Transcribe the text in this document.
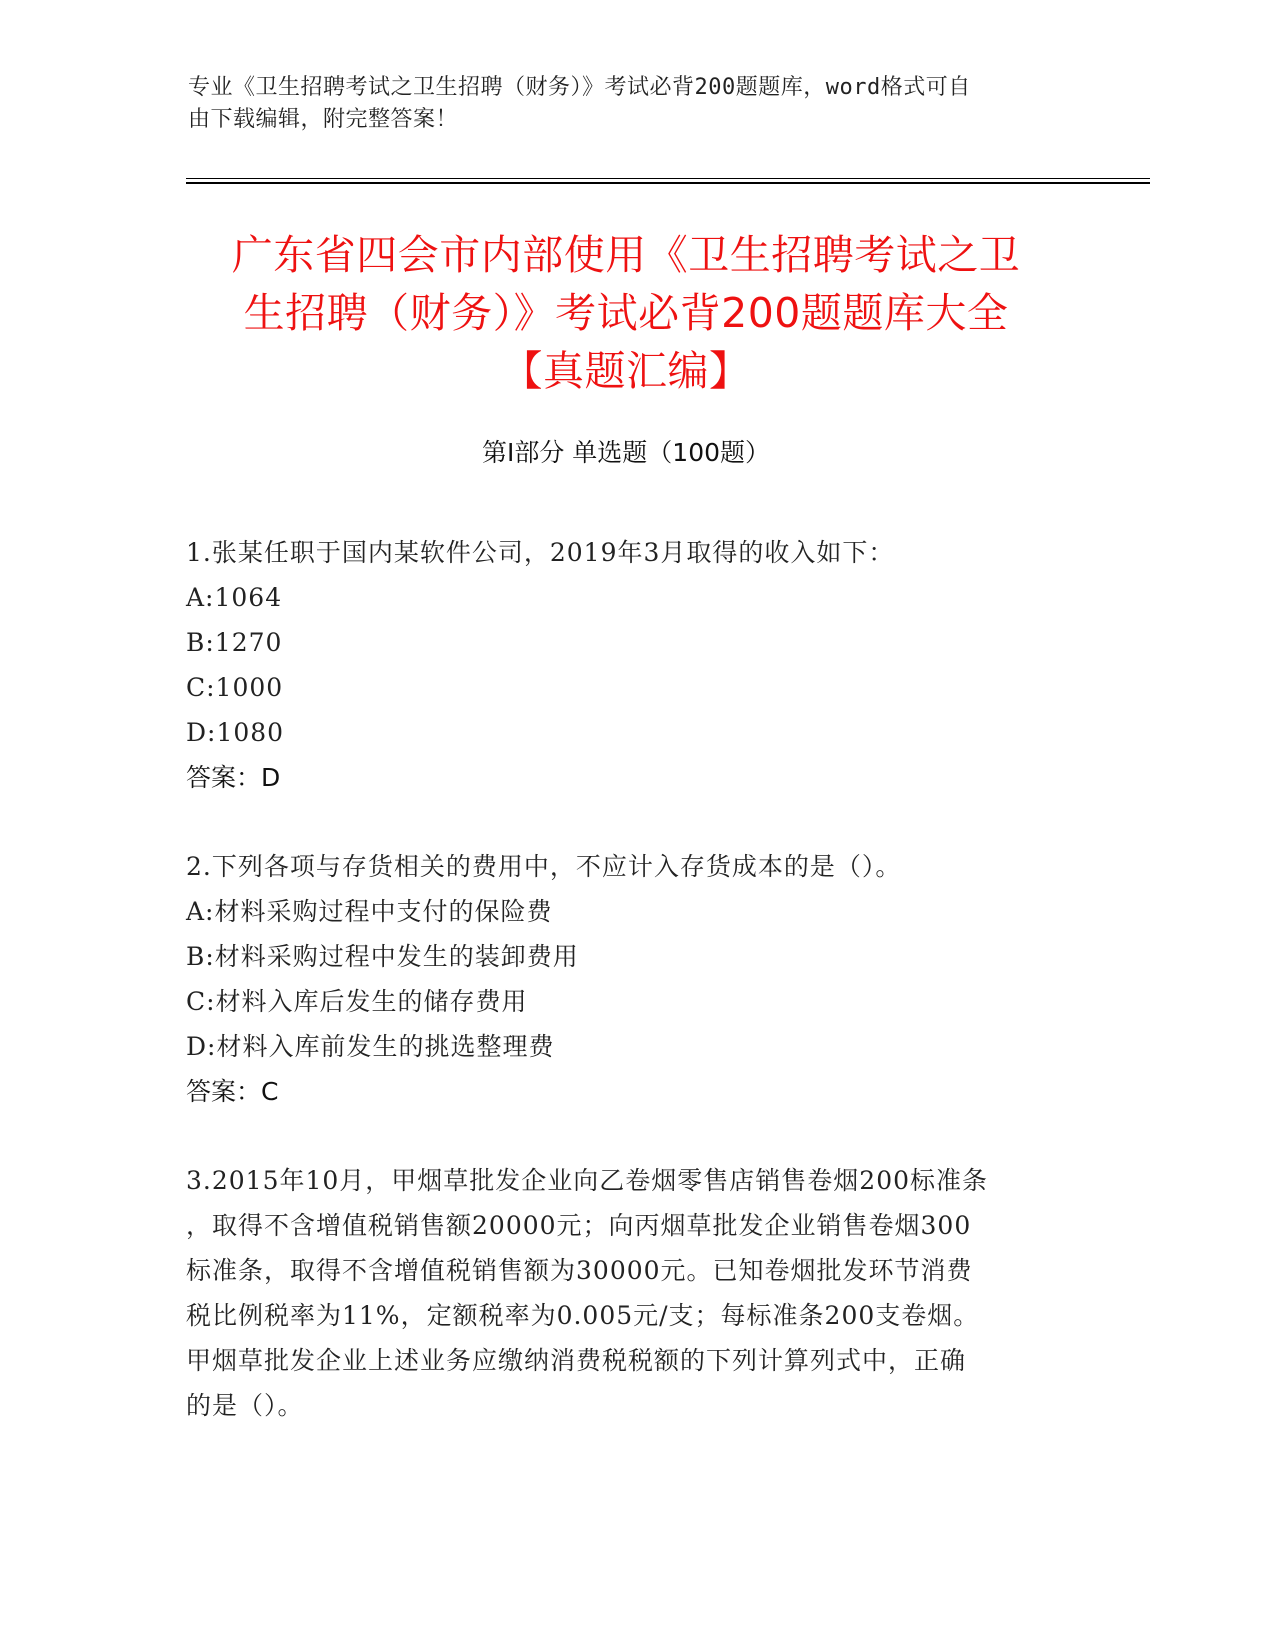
专业《卫生招聘考试之卫生招聘（财务）》考试必背200题题库，word格式可自
由下载编辑，附完整答案！
广东省四会市内部使用《卫生招聘考试之卫
生招聘（财务）》考试必背200题题库大全
【真题汇编】
第I部分 单选题（100题）
1.张某任职于国内某软件公司，2019年3月取得的收入如下：
A:1064
B:1270
C:1000
D:1080
答案：D
2.下列各项与存货相关的费用中，不应计入存货成本的是（）。
A:材料采购过程中支付的保险费
B:材料采购过程中发生的装卸费用
C:材料入库后发生的储存费用
D:材料入库前发生的挑选整理费
答案：C
3.2015年10月，甲烟草批发企业向乙卷烟零售店销售卷烟200标准条
，取得不含增值税销售额20000元；向丙烟草批发企业销售卷烟300
标准条，取得不含增值税销售额为30000元。已知卷烟批发环节消费
税比例税率为11%，定额税率为0.005元/支；每标准条200支卷烟。
甲烟草批发企业上述业务应缴纳消费税税额的下列计算列式中，正确
的是（）。
